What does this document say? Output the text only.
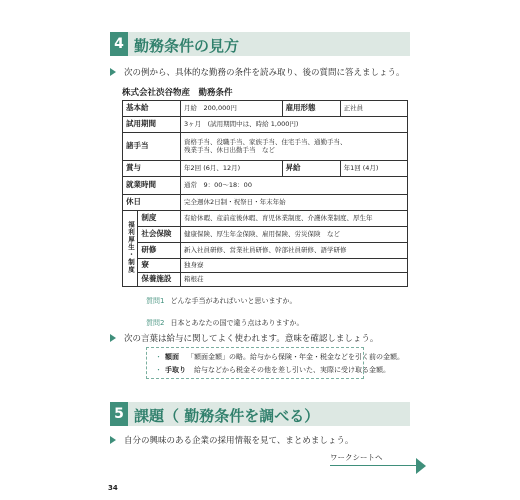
4 勤務条件の見方
次の例から、具体的な勤務の条件を読み取り、後の質問に答えましょう。
株式会社渋谷物産　勤務条件
基本給		月給　200,000円	雇用形態	正社員
試用期間		3ヶ月　(試用期間中は、時給 1,000円)		
諸手当		資格手当、役職手当、家族手当、住宅手当、通勤手当、
残業手当、休日出勤手当　など		

賞与		年2回 (6月、12月)	昇給	年1回 (4月)
就業時間		通常　9：00～18：00		
休日		完全週休2日制・祝祭日・年末年始		
福利厚生・制度	制度	有給休暇、産前産後休暇、育児休業制度、介護休業制度、厚生年		
	社会保険	健康保険、厚生年金保険、雇用保険、労災保険　など		
	研修	新入社員研修、営業社員研修、幹部社員研修、語学研修		
	寮	独身寮		
	保養施設	箱根荘		
質問1 どんな手当があればいいと思いますか。
質問2 日本とあなたの国で違う点はありますか。
次の言葉は給与に関してよく使われます。意味を確認しましょう。
・ 額面 「額面金額」の略。給与から保険・年金・税金などを引く前の金額。
・ 手取り 給与などから税金その他を差し引いた、実際に受け取る金額。
5 課題（ 勤務条件を調べる）
自分の興味のある企業の採用情報を見て、まとめましょう。
ワークシートへ
34
